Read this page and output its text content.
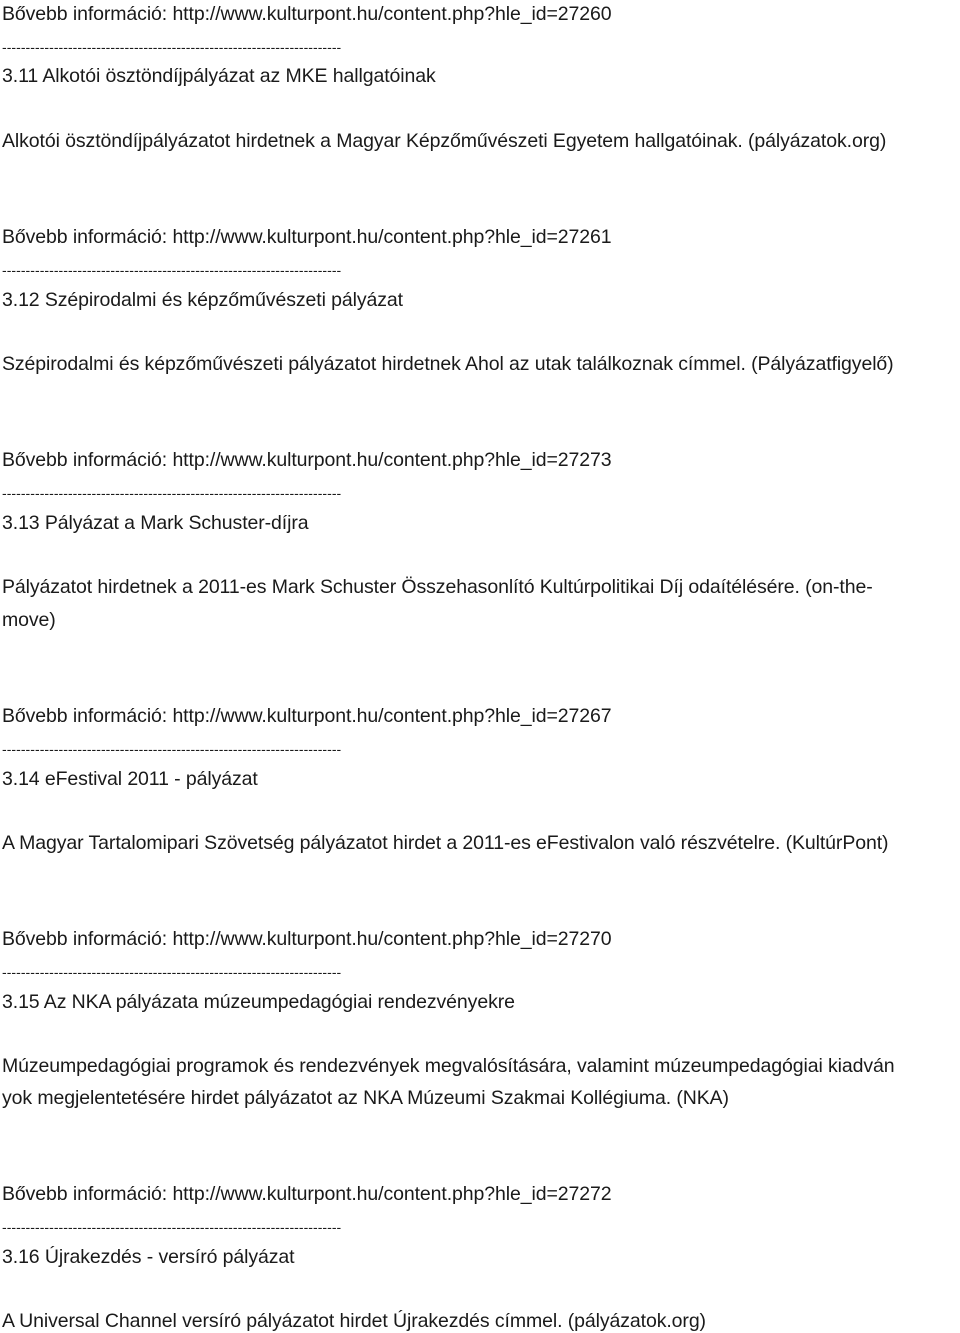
Bővebb információ: http://www.kulturpont.hu/content.php?hle_id=27260
------------------------------------------------------------------------
3.11 Alkotói ösztöndíjpályázat az MKE hallgatóinak
Alkotói ösztöndíjpályázatot hirdetnek a Magyar Képzőművészeti Egyetem hallgatóinak. (pályázatok.org)
Bővebb információ: http://www.kulturpont.hu/content.php?hle_id=27261
------------------------------------------------------------------------
3.12 Szépirodalmi és képzőművészeti pályázat
Szépirodalmi és képzőművészeti pályázatot hirdetnek Ahol az utak találkoznak címmel. (Pályázatfigyelő)
Bővebb információ: http://www.kulturpont.hu/content.php?hle_id=27273
------------------------------------------------------------------------
3.13 Pályázat a Mark Schuster-díjra
Pályázatot hirdetnek a 2011-es Mark Schuster Összehasonlító Kultúrpolitikai Díj odaítélésére. (on-the-
move)
Bővebb információ: http://www.kulturpont.hu/content.php?hle_id=27267
------------------------------------------------------------------------
3.14 eFestival 2011 - pályázat
A Magyar Tartalomipari Szövetség pályázatot hirdet a 2011-es eFestivalon való részvételre. (KultúrPont)
Bővebb információ: http://www.kulturpont.hu/content.php?hle_id=27270
------------------------------------------------------------------------
3.15 Az NKA pályázata múzeumpedagógiai rendezvényekre
Múzeumpedagógiai programok és rendezvények megvalósítására, valamint múzeumpedagógiai kiadván
yok megjelentetésére hirdet pályázatot az NKA Múzeumi Szakmai Kollégiuma. (NKA)
Bővebb információ: http://www.kulturpont.hu/content.php?hle_id=27272
------------------------------------------------------------------------
3.16 Újrakezdés - versíró pályázat
A Universal Channel versíró pályázatot hirdet Újrakezdés címmel. (pályázatok.org)
